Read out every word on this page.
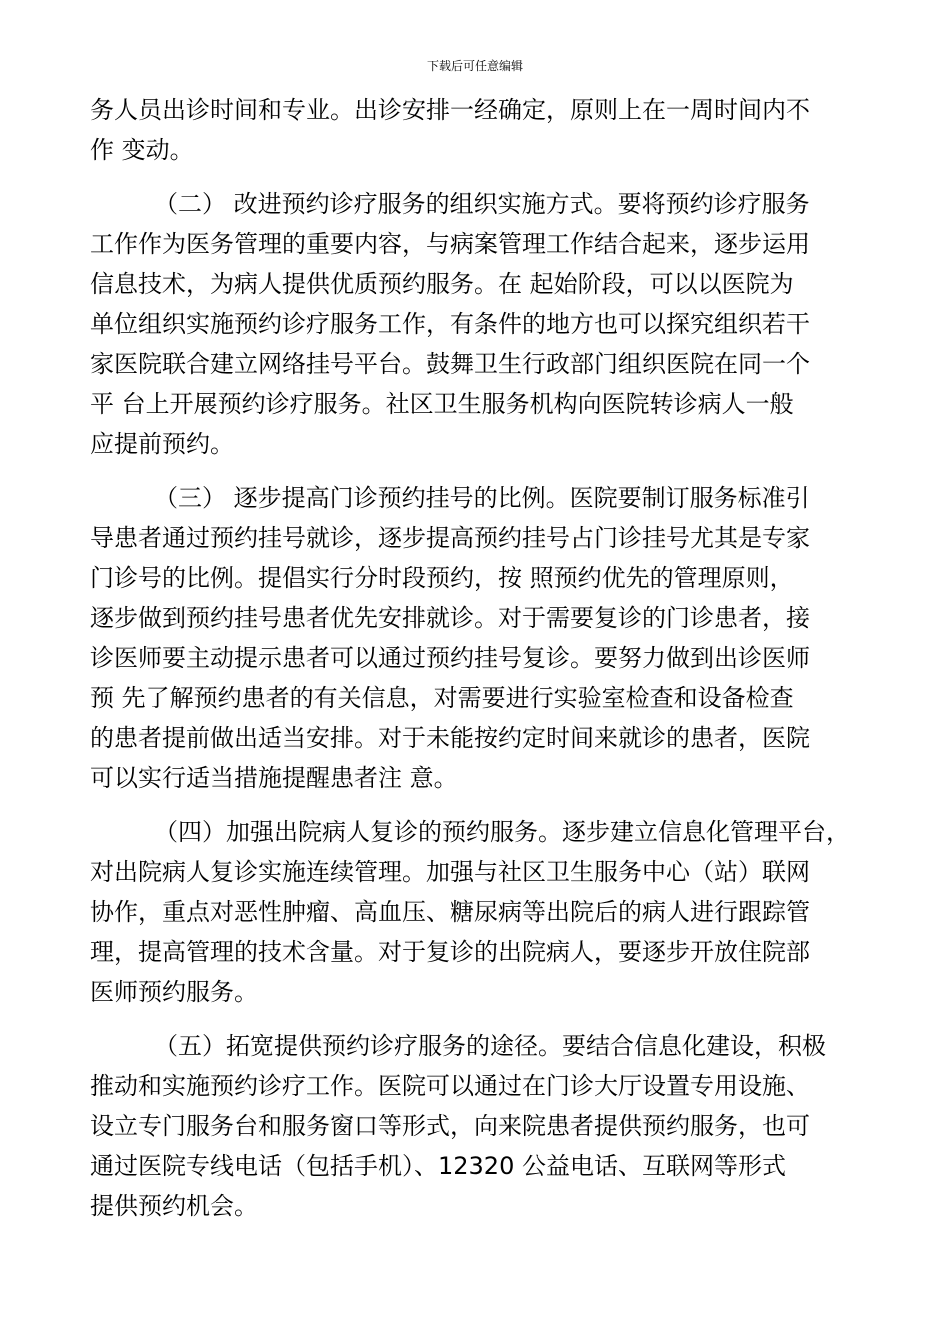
下载后可任意编辑
务人员出诊时间和专业。出诊安排一经确定，原则上在一周时间内不
作 变动。
（二） 改进预约诊疗服务的组织实施方式。要将预约诊疗服务
工作作为医务管理的重要内容，与病案管理工作结合起来，逐步运用
信息技术，为病人提供优质预约服务。在 起始阶段，可以以医院为
单位组织实施预约诊疗服务工作，有条件的地方也可以探究组织若干
家医院联合建立网络挂号平台。鼓舞卫生行政部门组织医院在同一个
平 台上开展预约诊疗服务。社区卫生服务机构向医院转诊病人一般
应提前预约。
（三） 逐步提高门诊预约挂号的比例。医院要制订服务标准引
导患者通过预约挂号就诊，逐步提高预约挂号占门诊挂号尤其是专家
门诊号的比例。提倡实行分时段预约，按 照预约优先的管理原则，
逐步做到预约挂号患者优先安排就诊。对于需要复诊的门诊患者，接
诊医师要主动提示患者可以通过预约挂号复诊。要努力做到出诊医师
预 先了解预约患者的有关信息，对需要进行实验室检查和设备检查
的患者提前做出适当安排。对于未能按约定时间来就诊的患者，医院
可以实行适当措施提醒患者注 意。
（四）加强出院病人复诊的预约服务。逐步建立信息化管理平台，
对出院病人复诊实施连续管理。加强与社区卫生服务中心（站）联网
协作，重点对恶性肿瘤、高血压、糖尿病等出院后的病人进行跟踪管
理，提高管理的技术含量。对于复诊的出院病人，要逐步开放住院部
医师预约服务。
（五）拓宽提供预约诊疗服务的途径。要结合信息化建设，积极
推动和实施预约诊疗工作。医院可以通过在门诊大厅设置专用设施、
设立专门服务台和服务窗口等形式，向来院患者提供预约服务，也可
通过医院专线电话（包括手机）、12320 公益电话、互联网等形式
提供预约机会。
